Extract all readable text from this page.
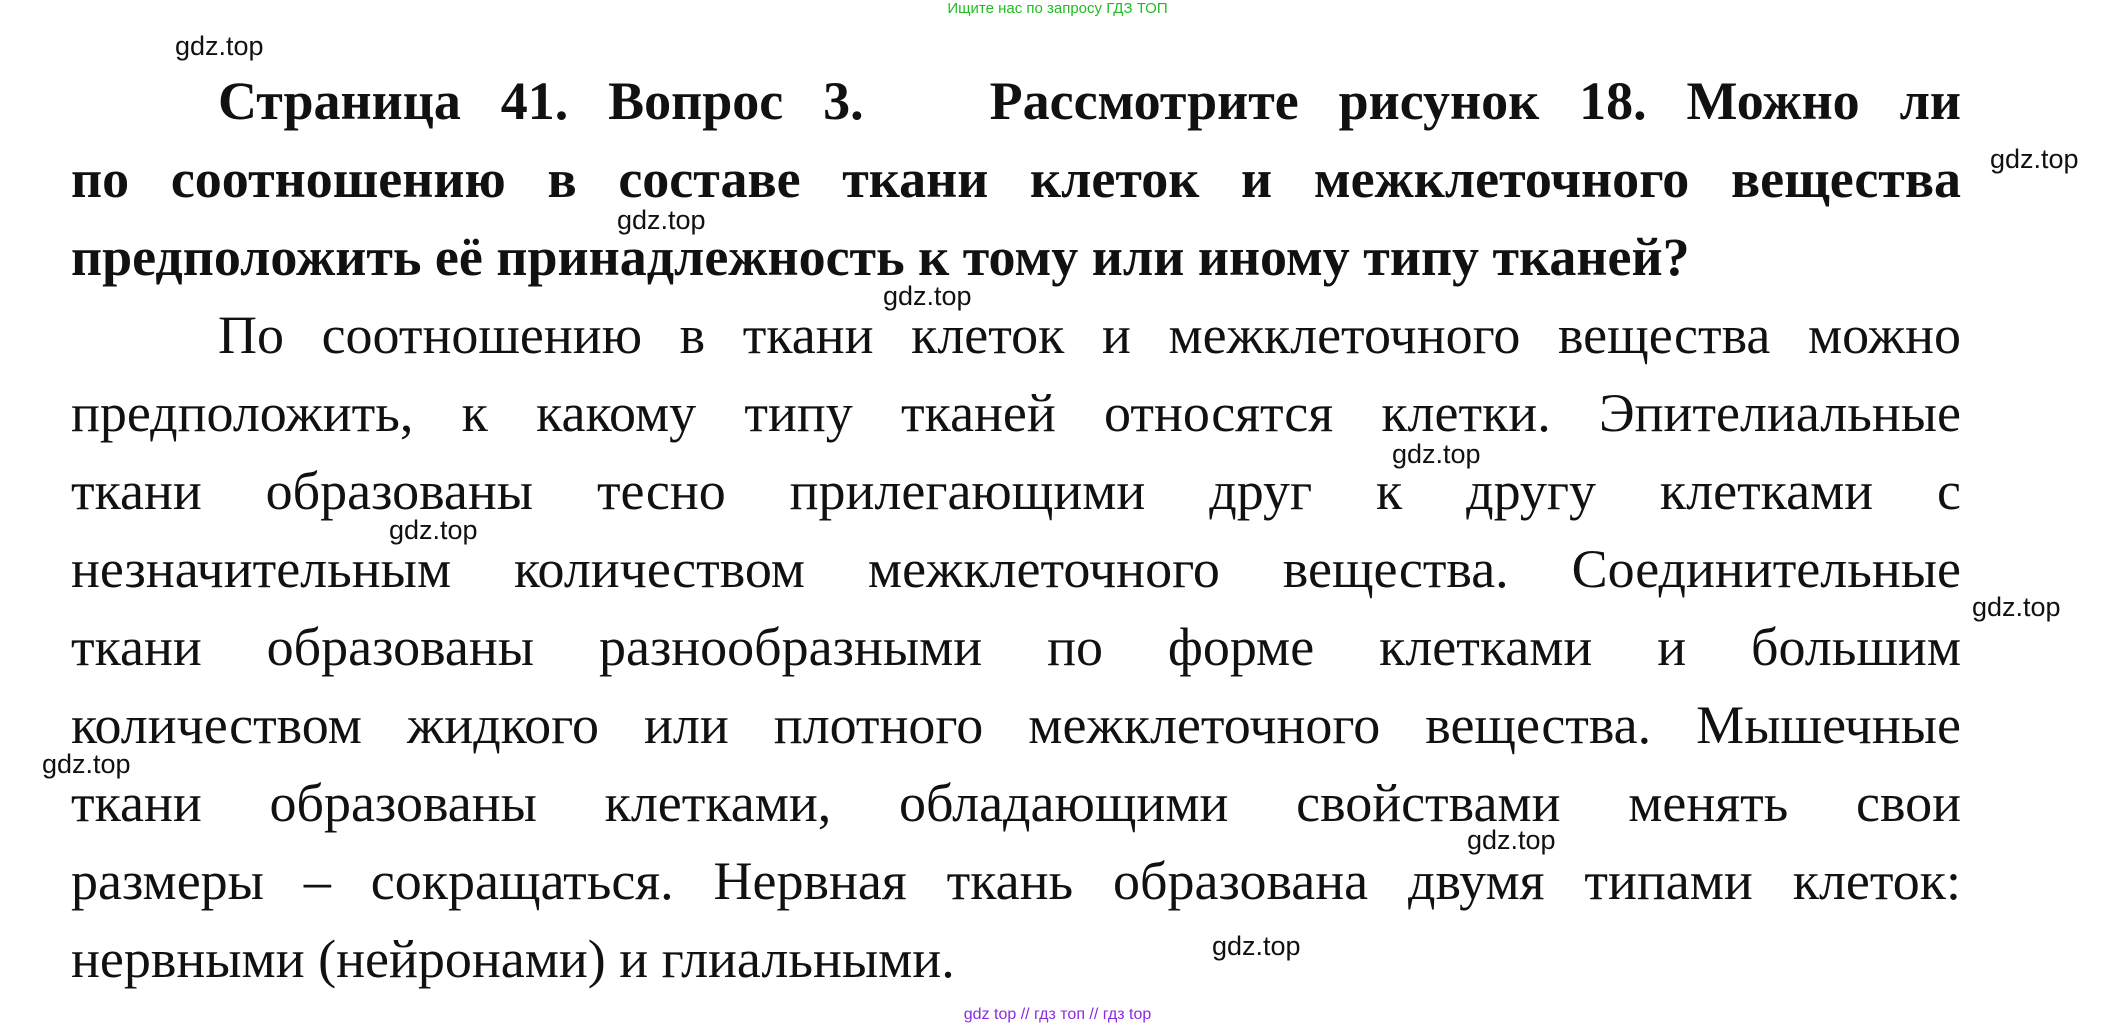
Ищите нас по запросу ГДЗ ТОП
gdz.top
gdz.top
gdz.top
gdz.top
gdz.top
gdz.top
gdz.top
gdz.top
gdz.top
gdz.top
Страница 41. Вопрос 3. Рассмотрите рисунок 18. Можно ли
по соотношению в составе ткани клеток и межклеточного вещества
предположить её принадлежность к тому или иному типу тканей?
По соотношению в ткани клеток и межклеточного вещества можно
предположить, к какому типу тканей относятся клетки. Эпителиальные
ткани образованы тесно прилегающими друг к другу клетками с
незначительным количеством межклеточного вещества. Соединительные
ткани образованы разнообразными по форме клетками и большим
количеством жидкого или плотного межклеточного вещества. Мышечные
ткани образованы клетками, обладающими свойствами менять свои
размеры – сокращаться. Нервная ткань образована двумя типами клеток:
нервными (нейронами) и глиальными.
gdz top // гдз топ // гдз top
